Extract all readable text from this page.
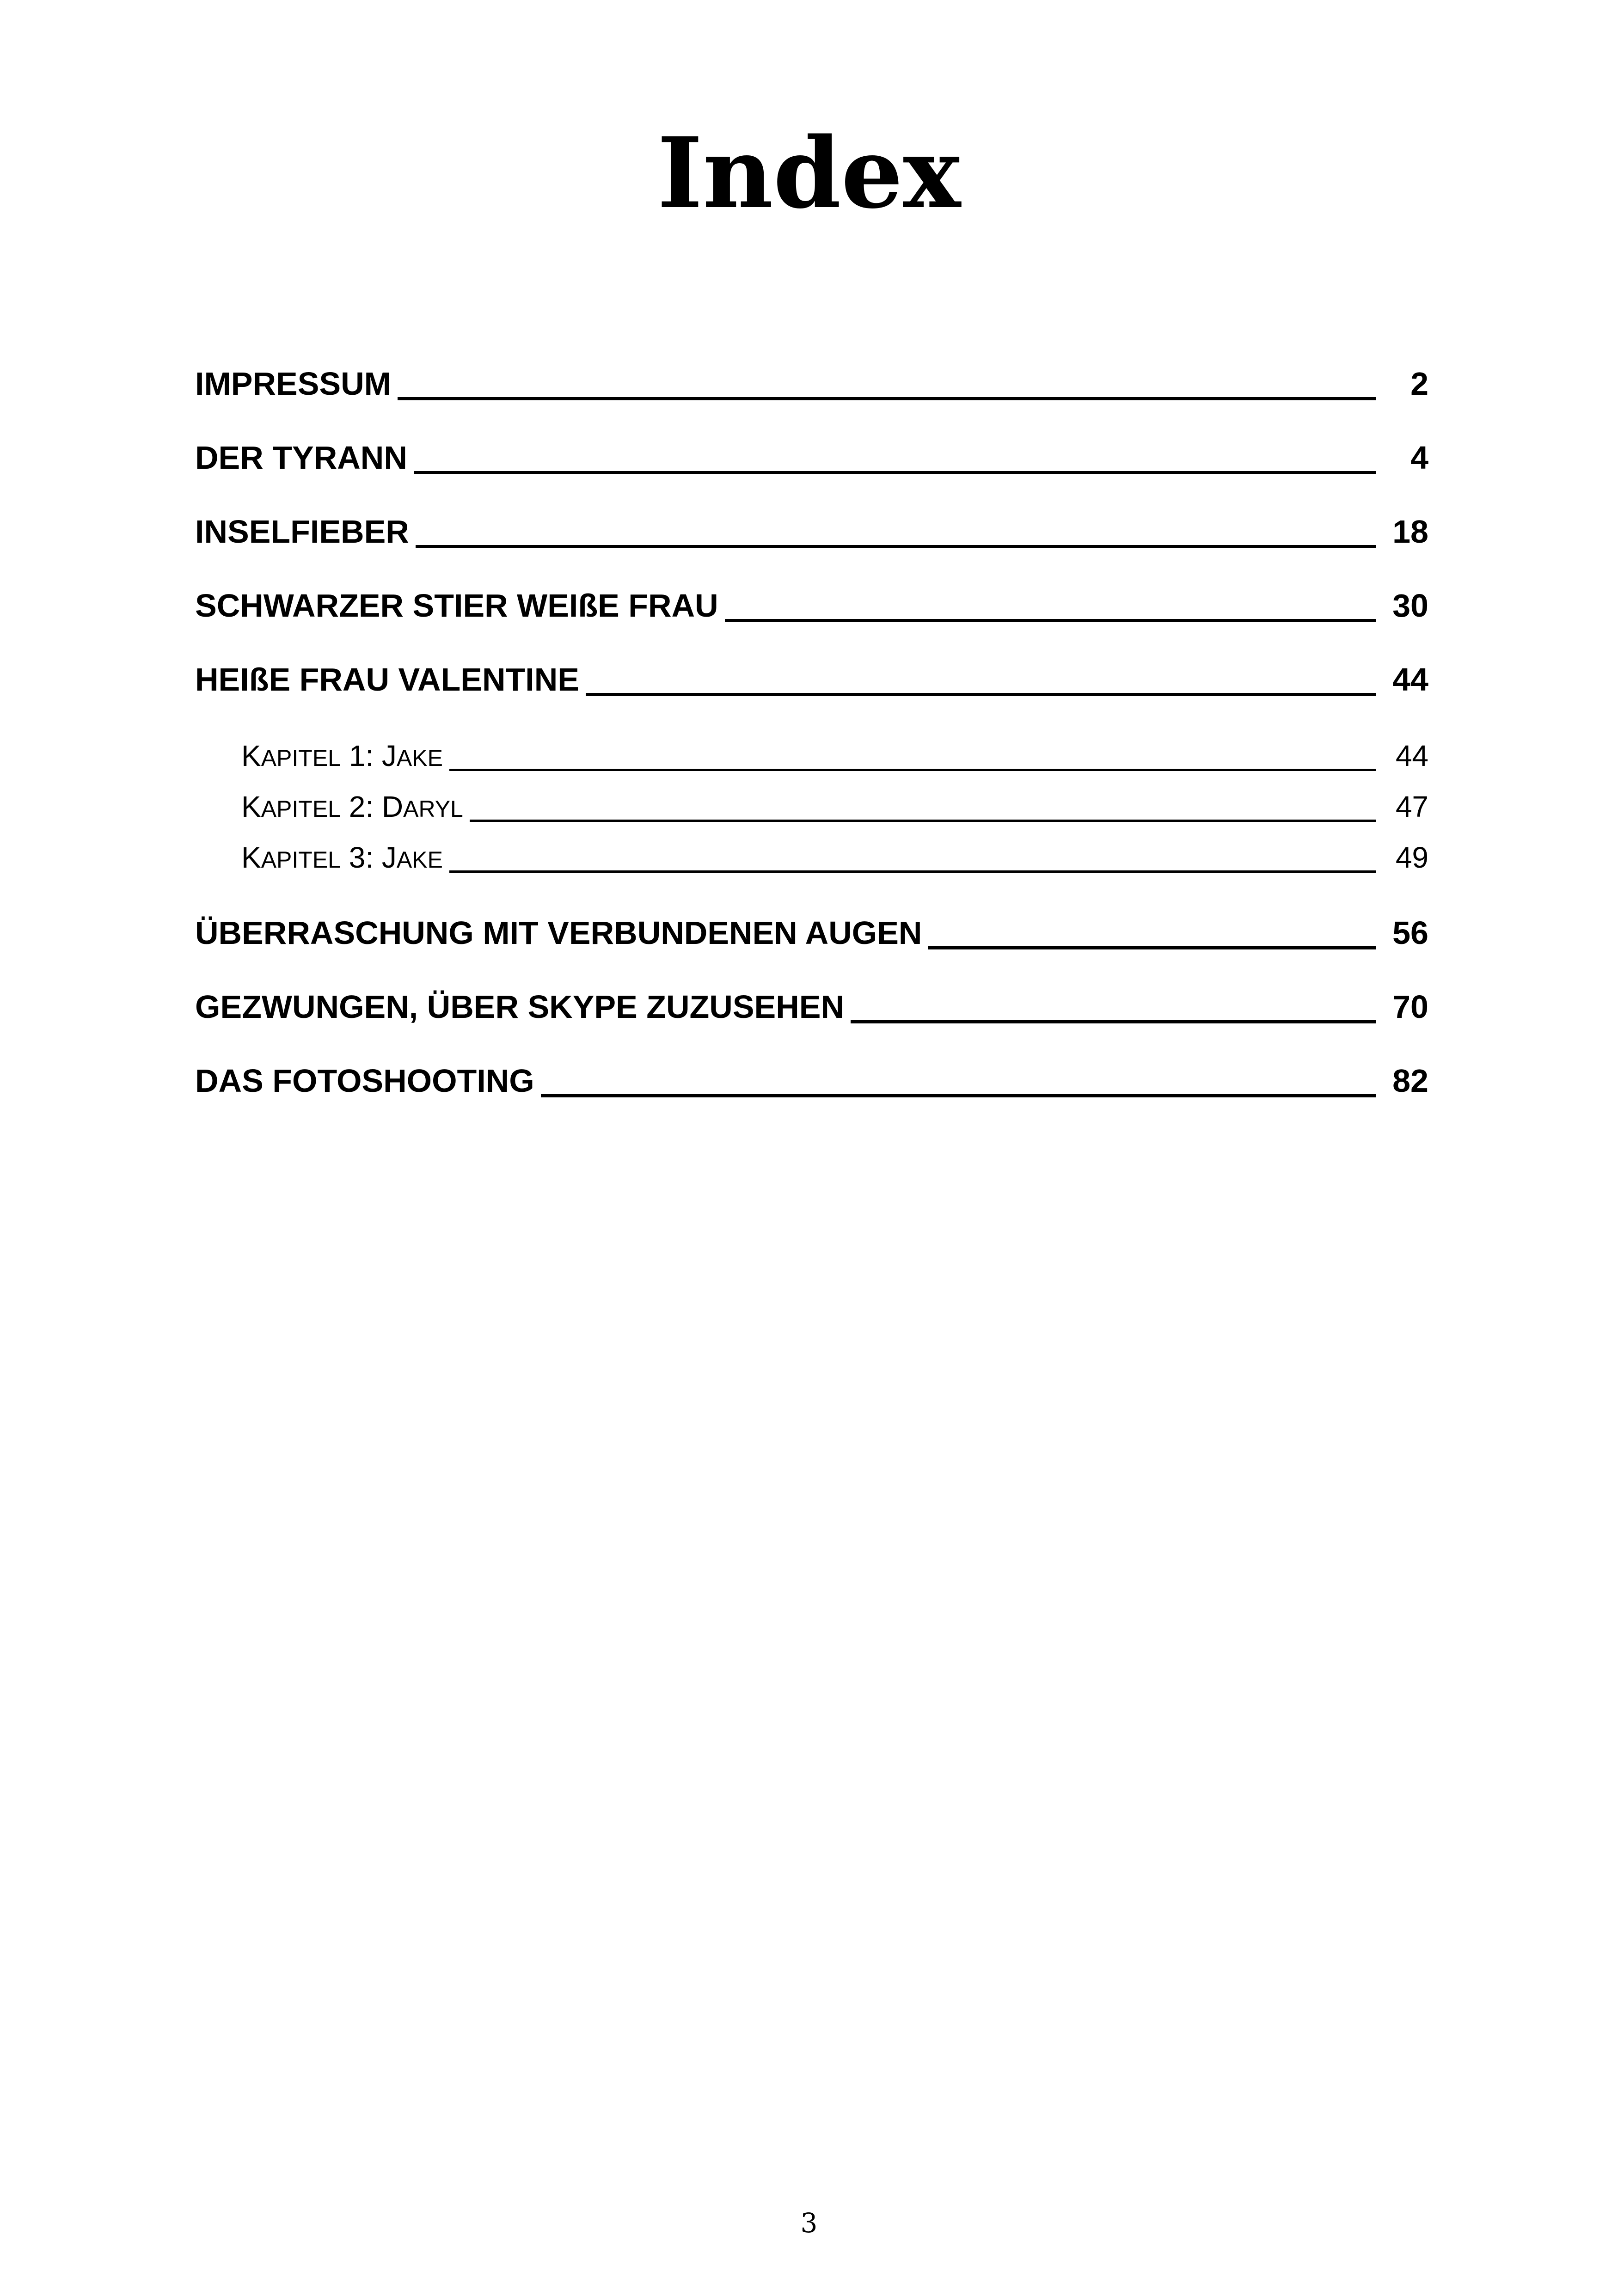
Index
IMPRESSUM	2
DER TYRANN	4
INSELFIEBER	18
SCHWARZER STIER WEIßE FRAU	30
HEIßE FRAU VALENTINE	44
KAPITEL 1: JAKE	44
KAPITEL 2: DARYL	47
KAPITEL 3: JAKE	49
ÜBERRASCHUNG MIT VERBUNDENEN AUGEN	56
GEZWUNGEN, ÜBER SKYPE ZUZUSEHEN	70
DAS FOTOSHOOTING	82
3
